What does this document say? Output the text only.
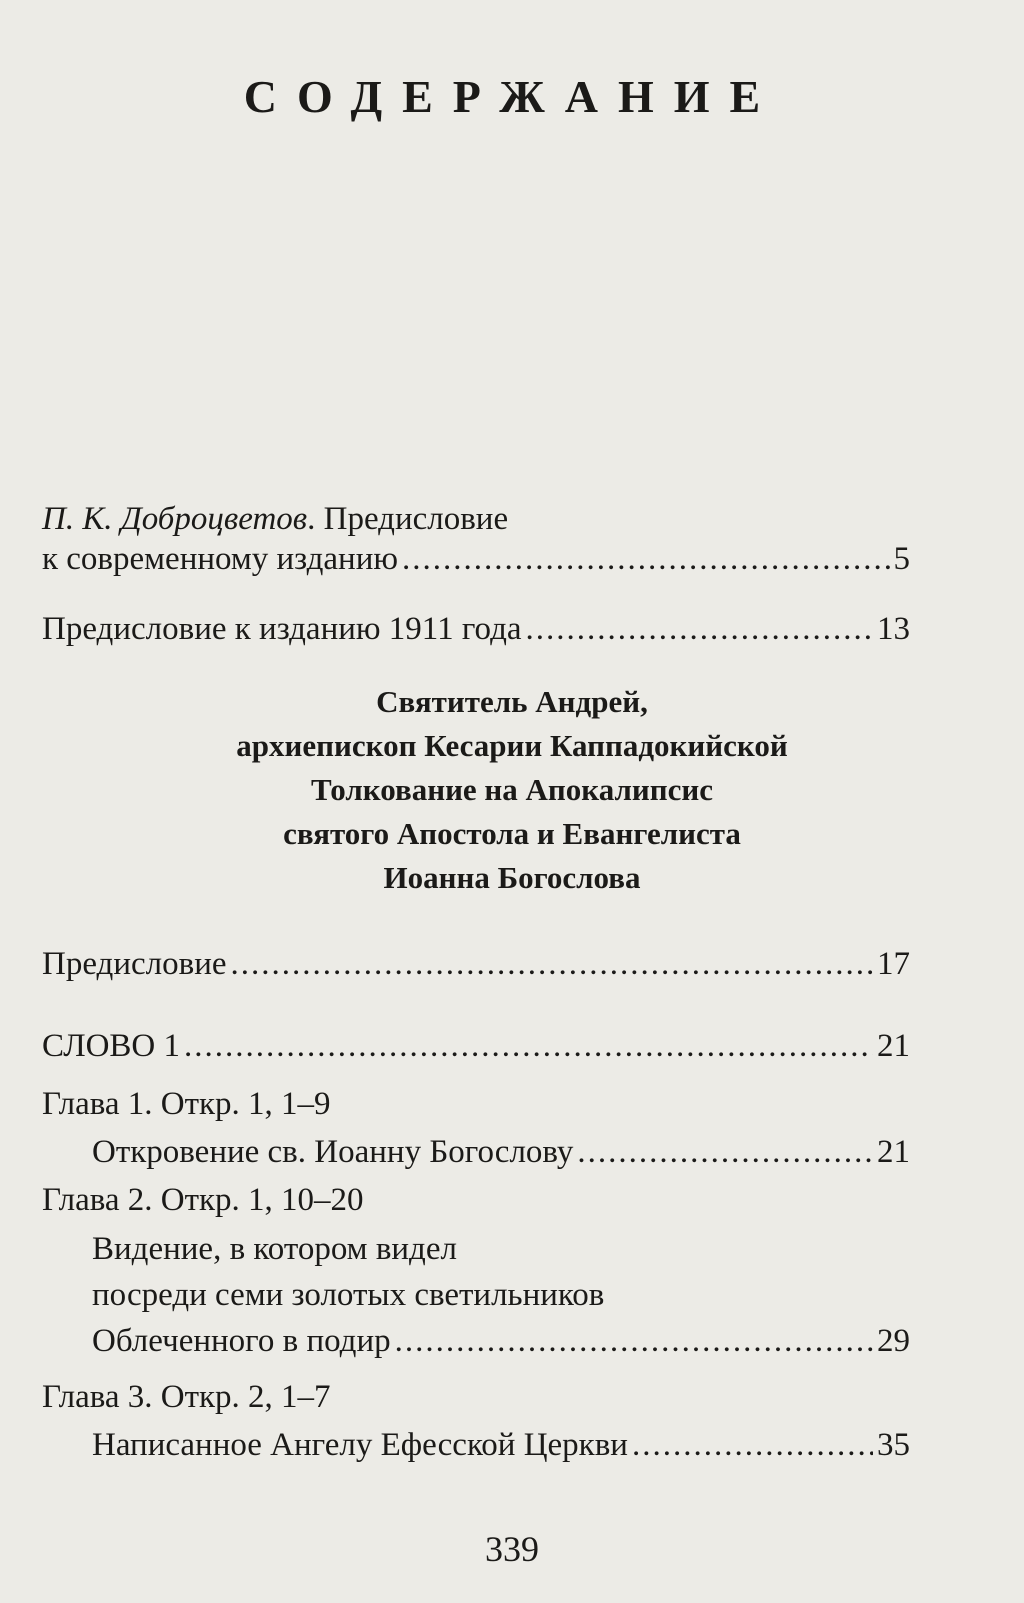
СОДЕРЖАНИЕ
П. К. Доброцветов. Предисловие
к современному изданию .....	5
Предисловие к изданию 1911 года .....	13
Святитель Андрей,
архиепископ Кесарии Каппадокийской
Толкование на Апокалипсис
святого Апостола и Евангелиста
Иоанна Богослова
Предисловие .....	17
СЛОВО 1 .....	21
Глава 1. Откр. 1, 1–9
Откровение св. Иоанну Богослову .....	21
Глава 2. Откр. 1, 10–20
Видение, в котором видел
посреди семи золотых светильников
Облеченного в подир .....	29
Глава 3. Откр. 2, 1–7
Написанное Ангелу Ефесской Церкви .....	35
339
